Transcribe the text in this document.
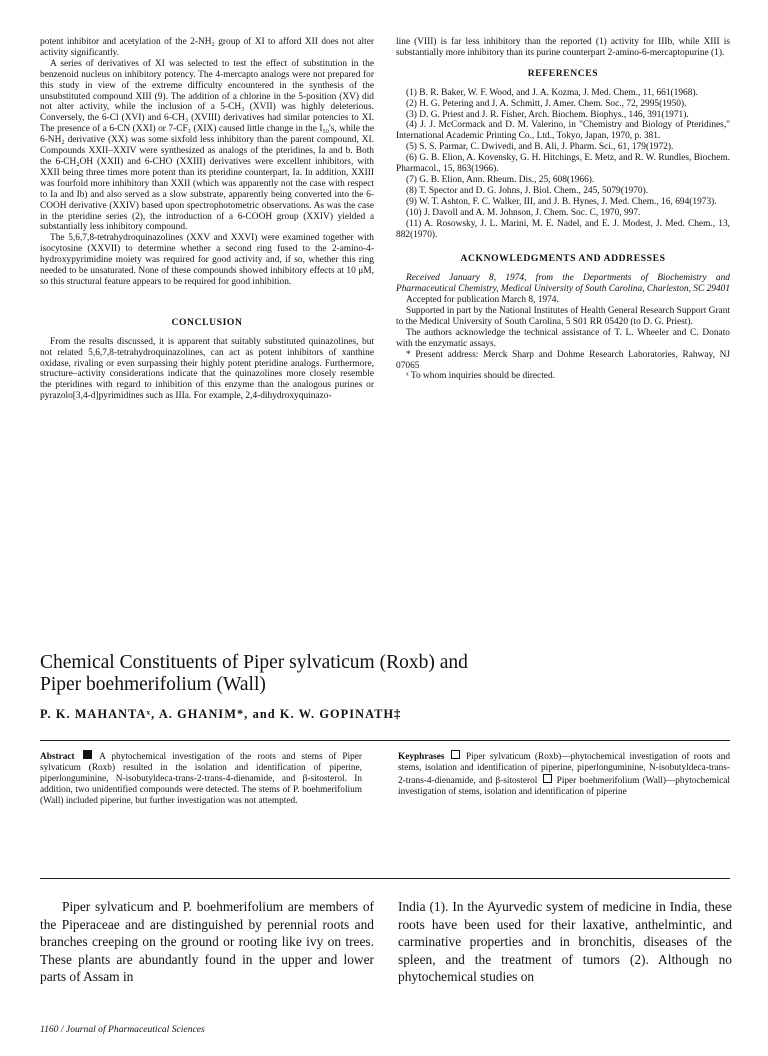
potent inhibitor and acetylation of the 2-NH₂ group of XI to afford XII does not alter activity significantly.

A series of derivatives of XI was selected to test the effect of substitution in the benzenoid nucleus on inhibitory potency. The 4-mercapto analogs were not prepared for this study in view of the extreme difficulty encountered in the synthesis of the unsubstituted compound XIII (9). The addition of a chlorine in the 5-position (XV) did not alter activity, while the inclusion of a 5-CH₃ (XVII) was highly deleterious. Conversely, the 6-Cl (XVI) and 6-CH₃ (XVIII) derivatives had similar potencies to XI. The presence of a 6-CN (XXI) or 7-CF₃ (XIX) caused little change in the I₅₀'s, while the 6-NH₂ derivative (XX) was some sixfold less inhibitory than the parent compound, XI. Compounds XXII–XXIV were synthesized as analogs of the pteridines, Ia and b. Both the 6-CH₂OH (XXII) and 6-CHO (XXIII) derivatives were excellent inhibitors, with XXII being three times more potent than its pteridine counterpart, Ia. In addition, XXIII was fourfold more inhibitory than XXII (which was apparently not the case with respect to Ia and Ib) and also served as a slow substrate, apparently being converted into the 6-COOH derivative (XXIV) based upon spectrophotometric observations. As was the case in the pteridine series (2), the introduction of a 6-COOH group (XXIV) yielded a substantially less inhibitory compound.

The 5,6,7,8-tetrahydroquinazolines (XXV and XXVI) were examined together with isocytosine (XXVII) to determine whether a second ring fused to the 2-amino-4-hydroxypyrimidine moiety was required for good activity and, if so, whether this ring needed to be unsaturated. None of these compounds showed inhibitory effects at 10 μM, so this structural feature appears to be required for good inhibition.

CONCLUSION

From the results discussed, it is apparent that suitably substituted quinazolines, but not related 5,6,7,8-tetrahydroquinazolines, can act as potent inhibitors of xanthine oxidase, rivaling or even surpassing their highly potent pteridine analogs. Furthermore, structure–activity considerations indicate that the quinazolines more closely resemble the pteridines with regard to inhibition of this enzyme than the analogous purines or pyrazolo[3,4-d]pyrimidines such as IIIa. For example, 2,4-dihydroxyquinazo-

line (VIII) is far less inhibitory than the reported (1) activity for IIIb, while XIII is substantially more inhibitory than its purine counterpart 2-amino-6-mercaptopurine (1).

REFERENCES

(1) B. R. Baker, W. F. Wood, and J. A. Kozma, J. Med. Chem., 11, 661(1968).

(2) H. G. Petering and J. A. Schmitt, J. Amer. Chem. Soc., 72, 2995(1950).

(3) D. G. Priest and J. R. Fisher, Arch. Biochem. Biophys., 146, 391(1971).

(4) J. J. McCormack and D. M. Valerino, in "Chemistry and Biology of Pteridines," International Academic Printing Co., Ltd., Tokyo, Japan, 1970, p. 381.

(5) S. S. Parmar, C. Dwivedi, and B. Ali, J. Pharm. Sci., 61, 179(1972).

(6) G. B. Elion, A. Kovensky, G. H. Hitchings, E. Metz, and R. W. Rundles, Biochem. Pharmacol., 15, 863(1966).

(7) G. B. Elion, Ann. Rheum. Dis., 25, 608(1966).

(8) T. Spector and D. G. Johns, J. Biol. Chem., 245, 5079(1970).

(9) W. T. Ashton, F. C. Walker, III, and J. B. Hynes, J. Med. Chem., 16, 694(1973).

(10) J. Davoll and A. M. Johnson, J. Chem. Soc. C, 1970, 997.

(11) A. Rosowsky, J. L. Marini, M. E. Nadel, and E. J. Modest, J. Med. Chem., 13, 882(1970).

ACKNOWLEDGMENTS AND ADDRESSES

Received January 8, 1974, from the Departments of Biochemistry and Pharmaceutical Chemistry, Medical University of South Carolina, Charleston, SC 29401

Accepted for publication March 8, 1974.

Supported in part by the National Institutes of Health General Research Support Grant to the Medical University of South Carolina, 5 S01 RR 05420 (to D. G. Priest).

The authors acknowledge the technical assistance of T. L. Wheeler and C. Donato with the enzymatic assays.

* Present address: Merck Sharp and Dohme Research Laboratories, Rahway, NJ 07065

ˣ To whom inquiries should be directed.

Chemical Constituents of Piper sylvaticum (Roxb) and
Piper boehmerifolium (Wall)
P. K. MAHANTAˣ, A. GHANIM*, and K. W. GOPINATH‡
Abstract	A phytochemical investigation of the roots and stems of Piper sylvaticum (Roxb) resulted in the isolation and identification of piperine, piperlonguminine, N-isobutyldeca-trans-2-trans-4-dienamide, and β-sitosterol. In addition, two unidentified compounds were detected. The stems of P. boehmerifolium (Wall) included piperine, but further investigation was not attempted.
Keyphrases Piper sylvaticum (Roxb)—phytochemical investigation of roots and stems, isolation and identification of piperine, piperlonguminine, N-isobutyldeca-trans-2-trans-4-dienamide, and β-sitosterol Piper boehmerifolium (Wall)—phytochemical investigation of stems, isolation and identification of piperine

Piper sylvaticum and P. boehmerifolium are members of the Piperaceae and are distinguished by perennial roots and branches creeping on the ground or rooting like ivy on trees. These plants are abundantly found in the upper and lower parts of Assam in

India (1). In the Ayurvedic system of medicine in India, these roots have been used for their laxative, anthelmintic, and carminative properties and in bronchitis, diseases of the spleen, and the treatment of tumors (2). Although no phytochemical studies on

1160 / Journal of Pharmaceutical Sciences
